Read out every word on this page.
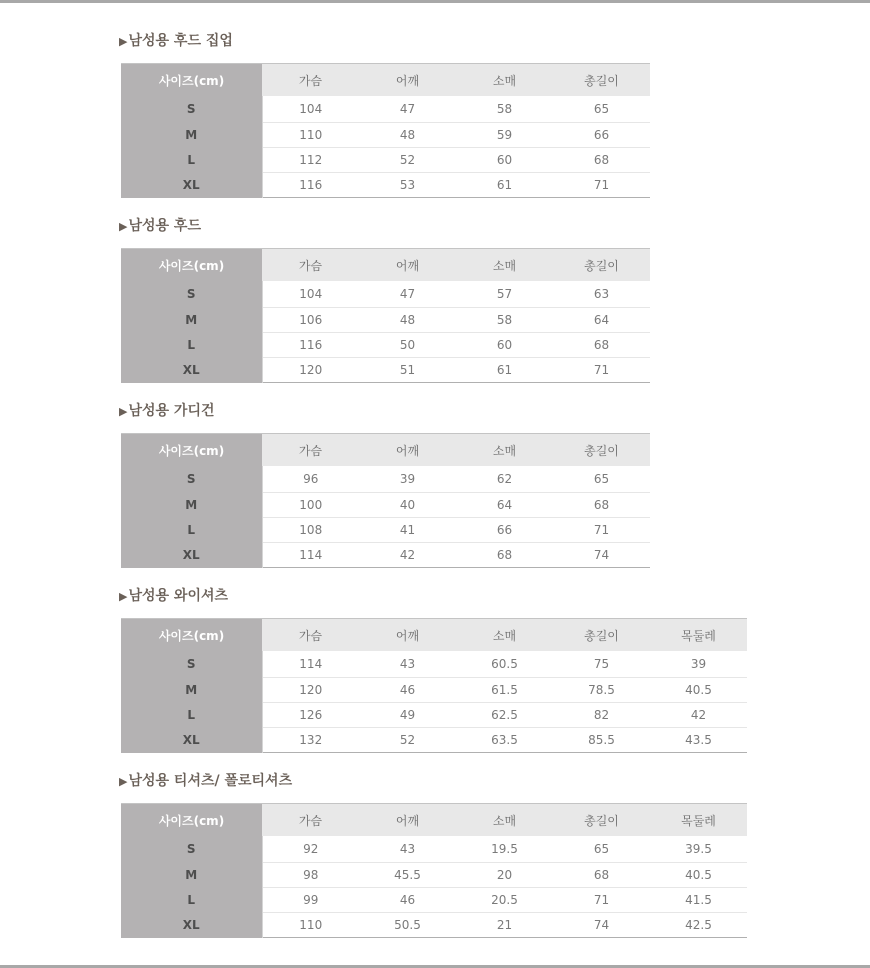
▶남성용 후드 집업
사이즈(cm)	가슴	어깨	소매	총길이
S	104	47	58	65
M	110	48	59	66
L	112	52	60	68
XL	116	53	61	71
▶남성용 후드
사이즈(cm)	가슴	어깨	소매	총길이
S	104	47	57	63
M	106	48	58	64
L	116	50	60	68
XL	120	51	61	71
▶남성용 가디건
사이즈(cm)	가슴	어깨	소매	총길이
S	96	39	62	65
M	100	40	64	68
L	108	41	66	71
XL	114	42	68	74
▶남성용 와이셔츠
사이즈(cm)	가슴	어깨	소매	총길이	목둘레
S	114	43	60.5	75	39
M	120	46	61.5	78.5	40.5
L	126	49	62.5	82	42
XL	132	52	63.5	85.5	43.5
▶남성용 티셔츠/ 폴로티셔츠
사이즈(cm)	가슴	어깨	소매	총길이	목둘레
S	92	43	19.5	65	39.5
M	98	45.5	20	68	40.5
L	99	46	20.5	71	41.5
XL	110	50.5	21	74	42.5
